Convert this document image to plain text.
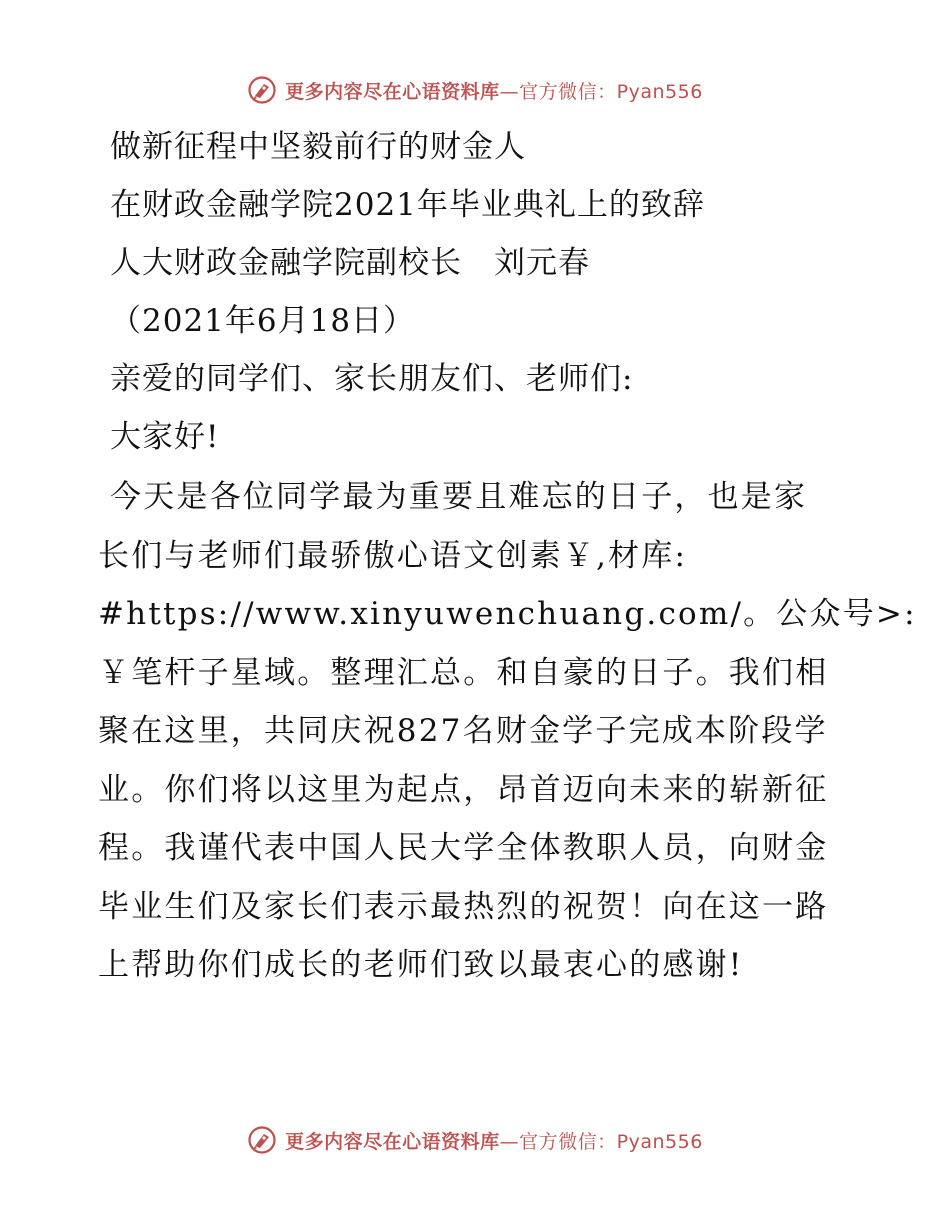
更多内容尽在心语资料库—官方微信：Pyan556
做新征程中坚毅前行的财金人
在财政金融学院2021年毕业典礼上的致辞
人大财政金融学院副校长　刘元春
（2021年6月18日）
亲爱的同学们、家长朋友们、老师们:
大家好!
今天是各位同学最为重要且难忘的日子，也是家
长们与老师们最骄傲心语文创素￥,材库:
#https://www.xinyuwenchuang.com/。公众号>:
￥笔杆子星域。整理汇总。和自豪的日子。我们相
聚在这里，共同庆祝827名财金学子完成本阶段学
业。你们将以这里为起点，昂首迈向未来的崭新征
程。我谨代表中国人民大学全体教职人员，向财金
毕业生们及家长们表示最热烈的祝贺！向在这一路
上帮助你们成长的老师们致以最衷心的感谢!
更多内容尽在心语资料库—官方微信：Pyan556
